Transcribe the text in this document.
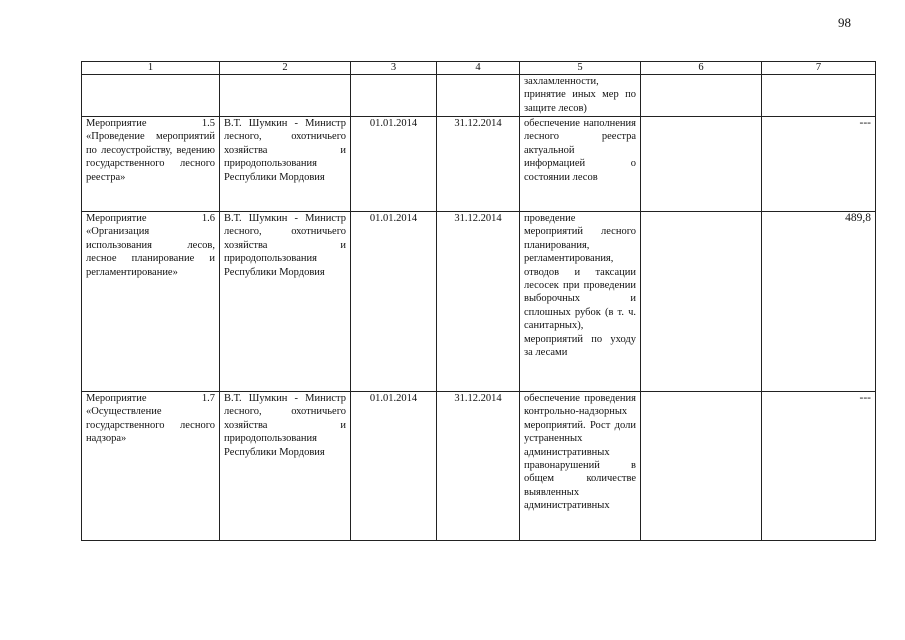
98
1	2	3	4	5	6	7
				захламленности, принятие иных мер по защите лесов)		
Мероприятие 1.5 «Проведение мероприятий по лесоустройству, ведению государственного лесного реестра»	В.Т. Шумкин - Министр лесного, охотничьего хозяйства и природопользования Республики Мордовия	01.01.2014	31.12.2014	обеспечение наполнения лесного реестра актуальной информацией о состоянии лесов		---
Мероприятие 1.6 «Организация использования лесов, лесное планирование и регламентирование»	В.Т. Шумкин - Министр лесного, охотничьего хозяйства и природопользования Республики Мордовия	01.01.2014	31.12.2014	проведение мероприятий лесного планирования, регламентирования, отводов и таксации лесосек при проведении выборочных и сплошных рубок (в т. ч. санитарных), мероприятий по уходу за лесами		489,8
Мероприятие 1.7 «Осуществление государственного лесного надзора»	В.Т. Шумкин - Министр лесного, охотничьего хозяйства и природопользования Республики Мордовия	01.01.2014	31.12.2014	обеспечение проведения контрольно-надзорных мероприятий. Рост доли устраненных административных правонарушений в общем количестве выявленных административных		---
